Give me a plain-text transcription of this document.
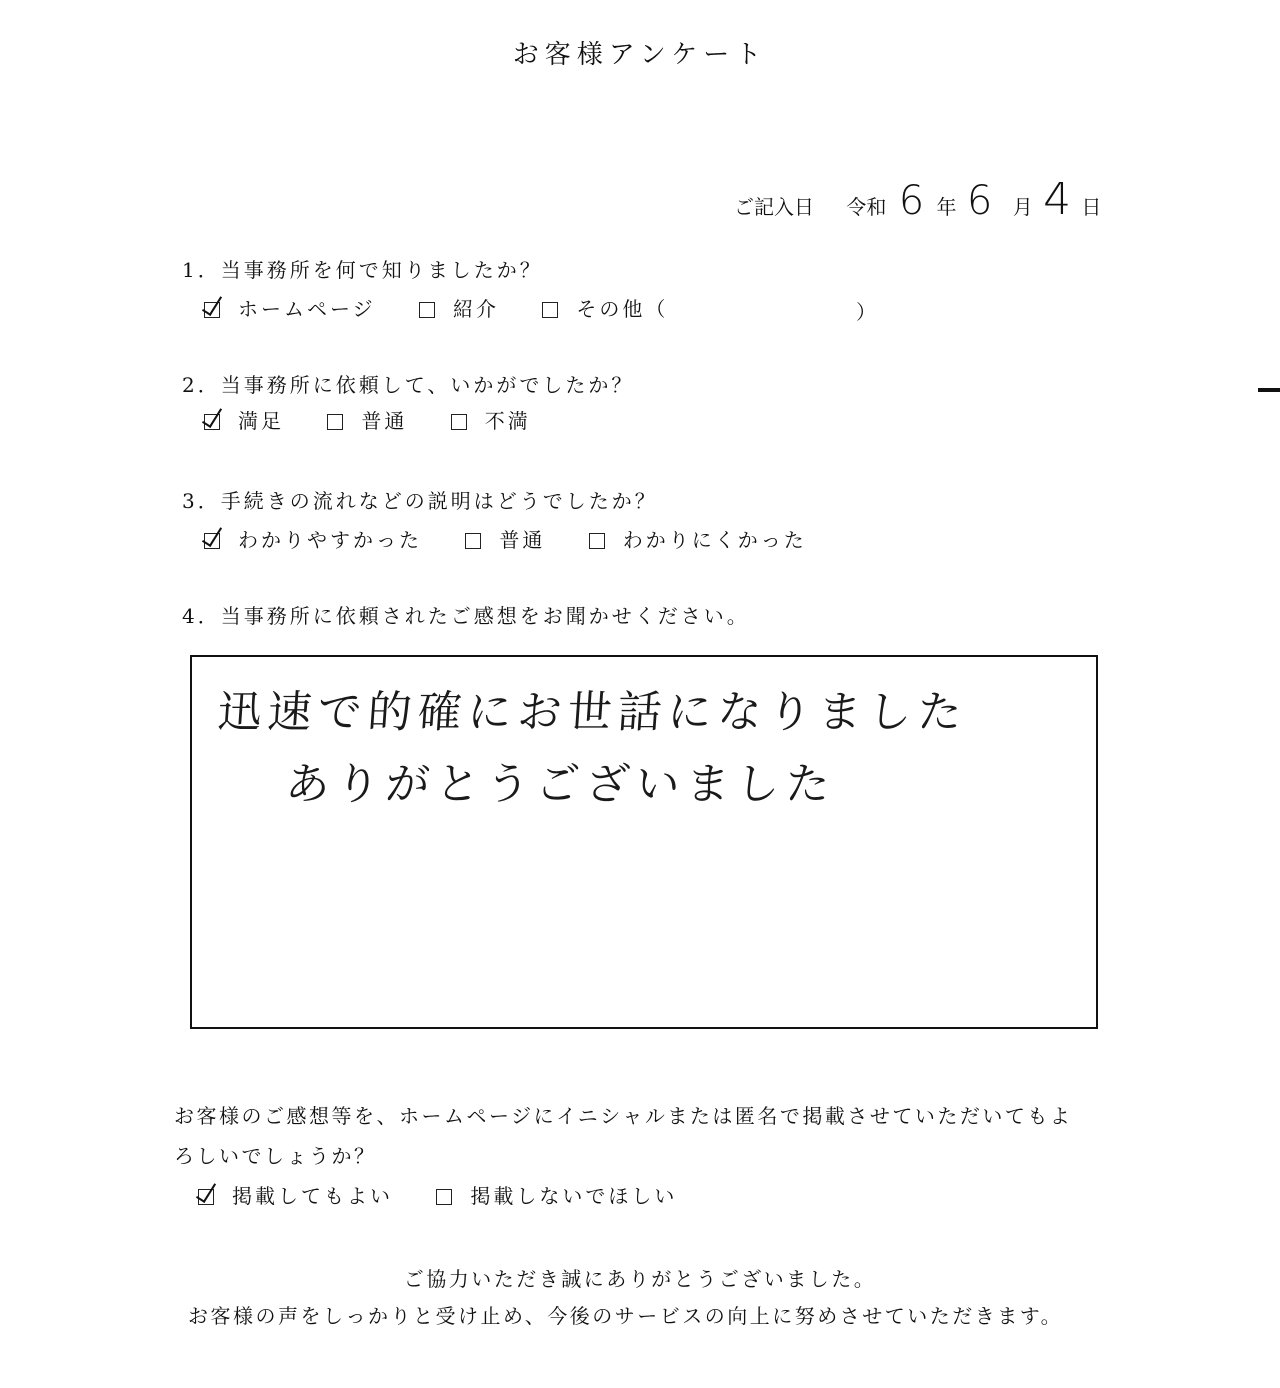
お客様アンケート
ご記入日 令和 6 年 6 月 4 日
1．当事務所を何で知りましたか？
ホームページ	紹介	その他（	）
2．当事務所に依頼して、いかがでしたか？
満足	普通	不満
3．手続きの流れなどの説明はどうでしたか？
わかりやすかった	普通	わかりにくかった
4．当事務所に依頼されたご感想をお聞かせください。
迅速で的確にお世話になりました
ありがとうございました
お客様のご感想等を、ホームページにイニシャルまたは匿名で掲載させていただいてもよ
ろしいでしょうか？
掲載してもよい	掲載しないでほしい
ご協力いただき誠にありがとうございました。
お客様の声をしっかりと受け止め、今後のサービスの向上に努めさせていただきます。
